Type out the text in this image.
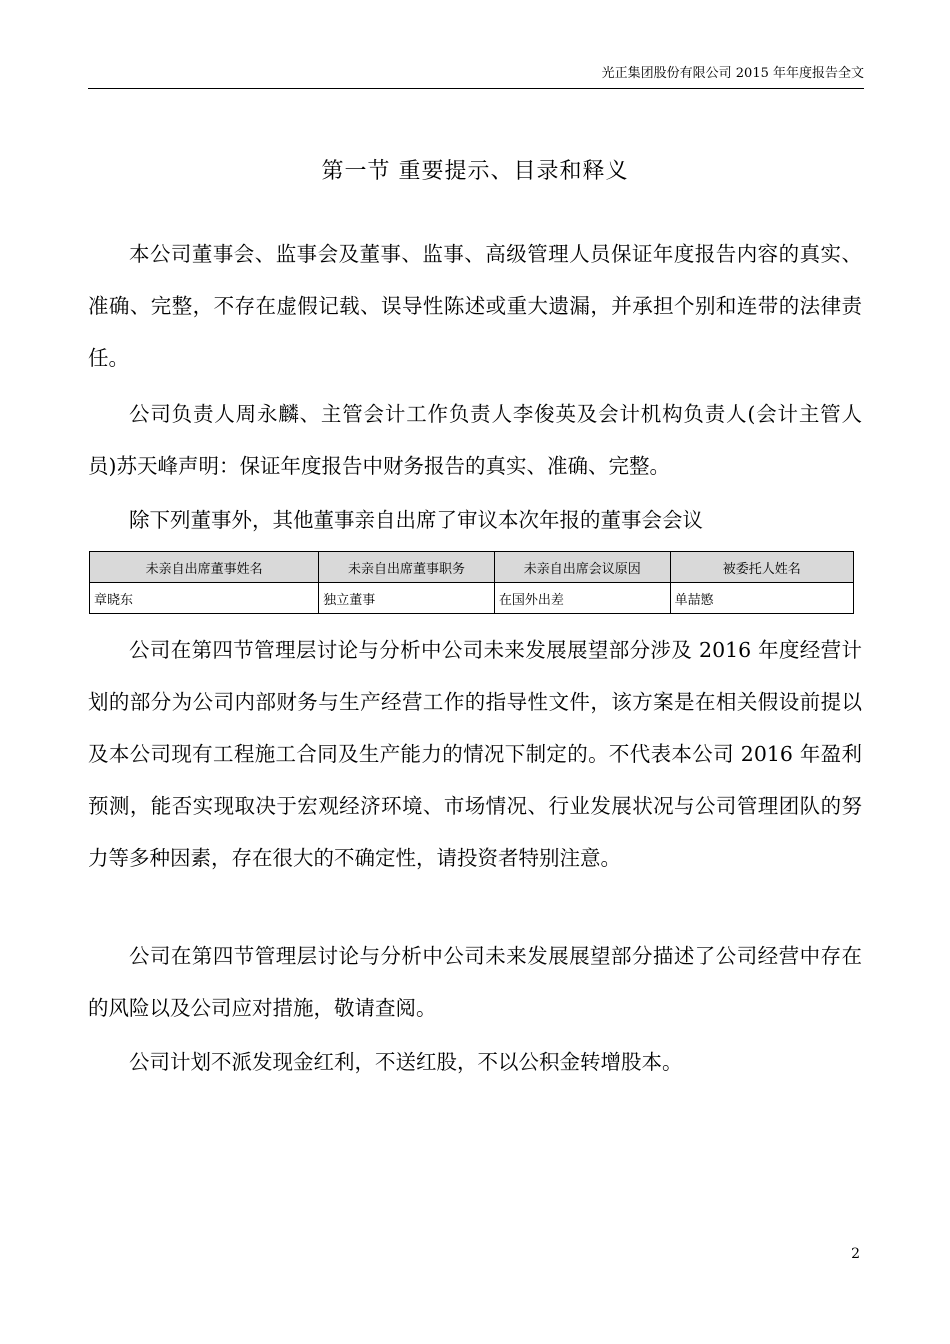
光正集团股份有限公司 2015 年年度报告全文
第一节 重要提示、目录和释义

本公司董事会、监事会及董事、监事、高级管理人员保证年度报告内容的真实、准确、完整，不存在虚假记载、误导性陈述或重大遗漏，并承担个别和连带的法律责任。

公司负责人周永麟、主管会计工作负责人李俊英及会计机构负责人(会计主管人员)苏天峰声明：保证年度报告中财务报告的真实、准确、完整。

除下列董事外，其他董事亲自出席了审议本次年报的董事会会议

未亲自出席董事姓名	未亲自出席董事职务	未亲自出席会议原因	被委托人姓名
章晓东	独立董事	在国外出差	单喆慜

公司在第四节管理层讨论与分析中公司未来发展展望部分涉及 2016 年度经营计划的部分为公司内部财务与生产经营工作的指导性文件，该方案是在相关假设前提以及本公司现有工程施工合同及生产能力的情况下制定的。不代表本公司 2016 年盈利预测，能否实现取决于宏观经济环境、市场情况、行业发展状况与公司管理团队的努力等多种因素，存在很大的不确定性，请投资者特别注意。

公司在第四节管理层讨论与分析中公司未来发展展望部分描述了公司经营中存在的风险以及公司应对措施，敬请查阅。

公司计划不派发现金红利，不送红股，不以公积金转增股本。

2
